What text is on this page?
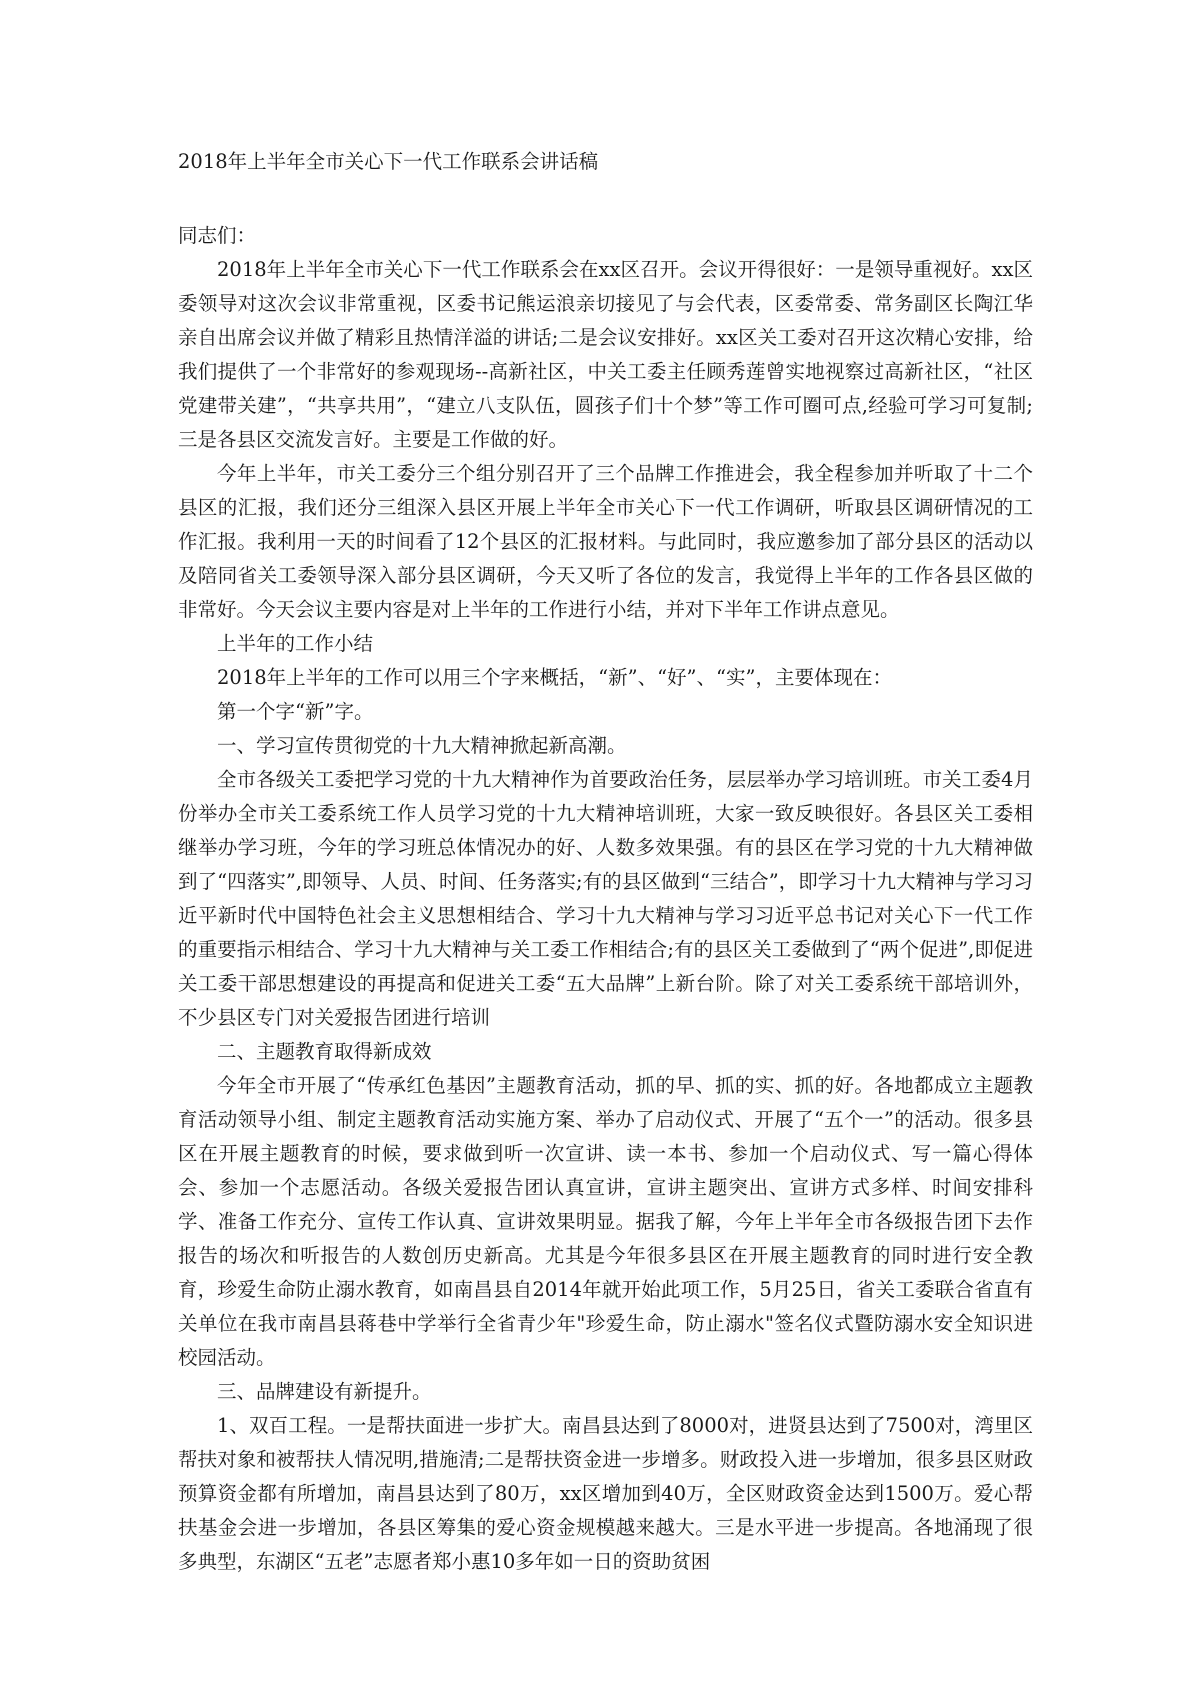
2018年上半年全市关心下一代工作联系会讲话稿

同志们：

2018年上半年全市关心下一代工作联系会在xx区召开。会议开得很好：一是领导重视好。xx区委领导对这次会议非常重视，区委书记熊运浪亲切接见了与会代表，区委常委、常务副区长陶江华亲自出席会议并做了精彩且热情洋溢的讲话;二是会议安排好。xx区关工委对召开这次精心安排，给我们提供了一个非常好的参观现场--高新社区，中关工委主任顾秀莲曾实地视察过高新社区，“社区党建带关建”，“共享共用”，“建立八支队伍，圆孩子们十个梦”等工作可圈可点,经验可学习可复制;三是各县区交流发言好。主要是工作做的好。

今年上半年，市关工委分三个组分别召开了三个品牌工作推进会，我全程参加并听取了十二个县区的汇报，我们还分三组深入县区开展上半年全市关心下一代工作调研，听取县区调研情况的工作汇报。我利用一天的时间看了12个县区的汇报材料。与此同时，我应邀参加了部分县区的活动以及陪同省关工委领导深入部分县区调研，今天又听了各位的发言，我觉得上半年的工作各县区做的非常好。今天会议主要内容是对上半年的工作进行小结，并对下半年工作讲点意见。

上半年的工作小结

2018年上半年的工作可以用三个字来概括，“新”、“好”、“实”，主要体现在：

第一个字“新”字。

一、学习宣传贯彻党的十九大精神掀起新高潮。

全市各级关工委把学习党的十九大精神作为首要政治任务，层层举办学习培训班。市关工委4月份举办全市关工委系统工作人员学习党的十九大精神培训班，大家一致反映很好。各县区关工委相继举办学习班，今年的学习班总体情况办的好、人数多效果强。有的县区在学习党的十九大精神做到了“四落实”,即领导、人员、时间、任务落实;有的县区做到“三结合”，即学习十九大精神与学习习近平新时代中国特色社会主义思想相结合、学习十九大精神与学习习近平总书记对关心下一代工作的重要指示相结合、学习十九大精神与关工委工作相结合;有的县区关工委做到了“两个促进”,即促进关工委干部思想建设的再提高和促进关工委“五大品牌”上新台阶。除了对关工委系统干部培训外，不少县区专门对关爱报告团进行培训

二、主题教育取得新成效

今年全市开展了“传承红色基因”主题教育活动，抓的早、抓的实、抓的好。各地都成立主题教育活动领导小组、制定主题教育活动实施方案、举办了启动仪式、开展了“五个一”的活动。很多县区在开展主题教育的时候，要求做到听一次宣讲、读一本书、参加一个启动仪式、写一篇心得体会、参加一个志愿活动。各级关爱报告团认真宣讲，宣讲主题突出、宣讲方式多样、时间安排科学、准备工作充分、宣传工作认真、宣讲效果明显。据我了解，今年上半年全市各级报告团下去作报告的场次和听报告的人数创历史新高。尤其是今年很多县区在开展主题教育的同时进行安全教育，珍爱生命防止溺水教育，如南昌县自2014年就开始此项工作，5月25日，省关工委联合省直有关单位在我市南昌县蒋巷中学举行全省青少年"珍爱生命，防止溺水"签名仪式暨防溺水安全知识进校园活动。

三、品牌建设有新提升。

1、双百工程。一是帮扶面进一步扩大。南昌县达到了8000对，进贤县达到了7500对，湾里区帮扶对象和被帮扶人情况明,措施清;二是帮扶资金进一步增多。财政投入进一步增加，很多县区财政预算资金都有所增加，南昌县达到了80万，xx区增加到40万，全区财政资金达到1500万。爱心帮扶基金会进一步增加，各县区筹集的爱心资金规模越来越大。三是水平进一步提高。各地涌现了很多典型，东湖区“五老”志愿者郑小惠10多年如一日的资助贫困
